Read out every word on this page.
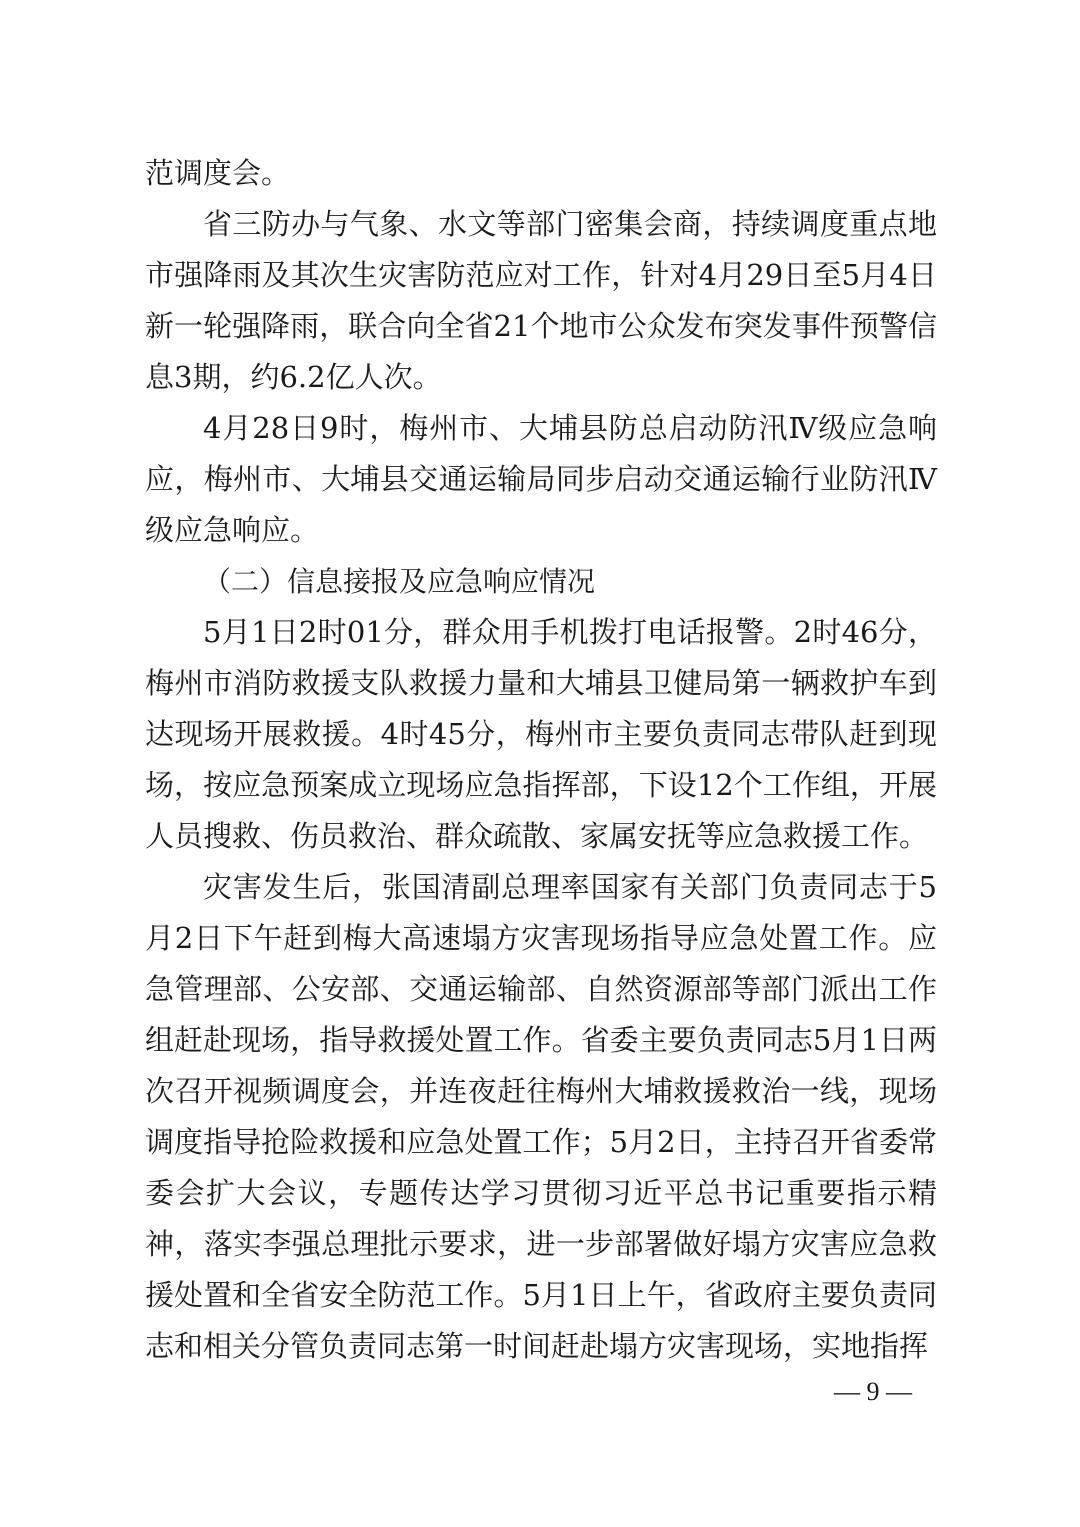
范调度会。

省三防办与气象、水文等部门密集会商，持续调度重点地市强降雨及其次生灾害防范应对工作，针对4月29日至5月4日新一轮强降雨，联合向全省21个地市公众发布突发事件预警信息3期，约6.2亿人次。

4月28日9时，梅州市、大埔县防总启动防汛Ⅳ级应急响应，梅州市、大埔县交通运输局同步启动交通运输行业防汛Ⅳ级应急响应。

（二）信息接报及应急响应情况

5月1日2时01分，群众用手机拨打电话报警。2时46分，梅州市消防救援支队救援力量和大埔县卫健局第一辆救护车到达现场开展救援。4时45分，梅州市主要负责同志带队赶到现场，按应急预案成立现场应急指挥部，下设12个工作组，开展人员搜救、伤员救治、群众疏散、家属安抚等应急救援工作。

灾害发生后，张国清副总理率国家有关部门负责同志于5月2日下午赶到梅大高速塌方灾害现场指导应急处置工作。应急管理部、公安部、交通运输部、自然资源部等部门派出工作组赶赴现场，指导救援处置工作。省委主要负责同志5月1日两次召开视频调度会，并连夜赶往梅州大埔救援救治一线，现场调度指导抢险救援和应急处置工作；5月2日，主持召开省委常委会扩大会议，专题传达学习贯彻习近平总书记重要指示精神，落实李强总理批示要求，进一步部署做好塌方灾害应急救援处置和全省安全防范工作。5月1日上午，省政府主要负责同志和相关分管负责同志第一时间赶赴塌方灾害现场，实地指挥

— 9 —
